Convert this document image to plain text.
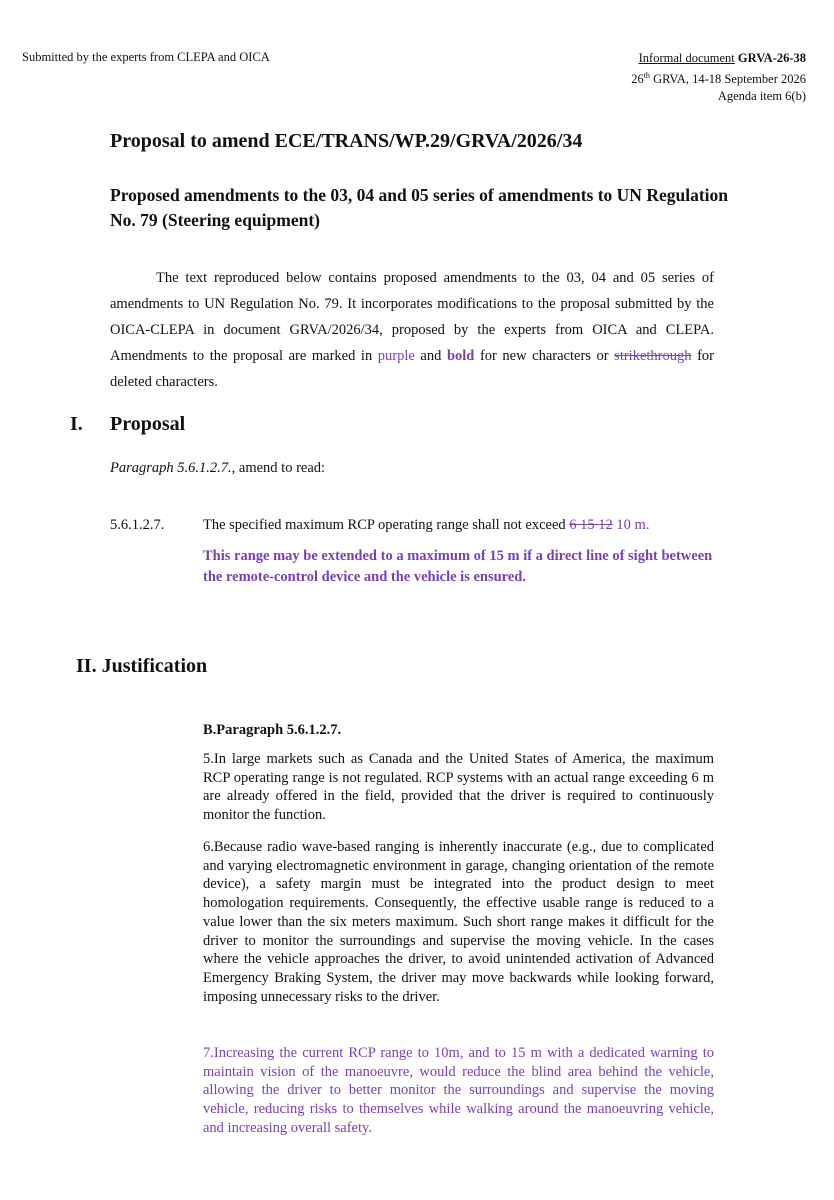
Submitted by the experts from CLEPA and OICA	Informal document GRVA-26-38
26th GRVA, 14-18 September 2026
Agenda item 6(b)
Proposal to amend ECE/TRANS/WP.29/GRVA/2026/34
Proposed amendments to the 03, 04 and 05 series of amendments to UN Regulation No. 79 (Steering equipment)

The text reproduced below contains proposed amendments to the 03, 04 and 05 series of amendments to UN Regulation No. 79. It incorporates modifications to the proposal submitted by the OICA-CLEPA in document GRVA/2026/34, proposed by the experts from OICA and CLEPA. Amendments to the proposal are marked in purple and bold for new characters or strikethrough for deleted characters.

I. Proposal
Paragraph 5.6.1.2.7., amend to read:
5.6.1.2.7.	The specified maximum RCP operating range shall not exceed 6 15 12 10 m.
This range may be extended to a maximum of 15 m if a direct line of sight between the remote-control device and the vehicle is ensured.
II. Justification
B.Paragraph 5.6.1.2.7.

5.In large markets such as Canada and the United States of America, the maximum RCP operating range is not regulated. RCP systems with an actual range exceeding 6 m are already offered in the field, provided that the driver is required to continuously monitor the function.

6.Because radio wave-based ranging is inherently inaccurate (e.g., due to complicated and varying electromagnetic environment in garage, changing orientation of the remote device), a safety margin must be integrated into the product design to meet homologation requirements. Consequently, the effective usable range is reduced to a value lower than the six meters maximum. Such short range makes it difficult for the driver to monitor the surroundings and supervise the moving vehicle. In the cases where the vehicle approaches the driver, to avoid unintended activation of Advanced Emergency Braking System, the driver may move backwards while looking forward, imposing unnecessary risks to the driver.

7.Increasing the current RCP range to 10m, and to 15 m with a dedicated warning to maintain vision of the manoeuvre, would reduce the blind area behind the vehicle, allowing the driver to better monitor the surroundings and supervise the moving vehicle, reducing risks to themselves while walking around the manoeuvring vehicle, and increasing overall safety.
